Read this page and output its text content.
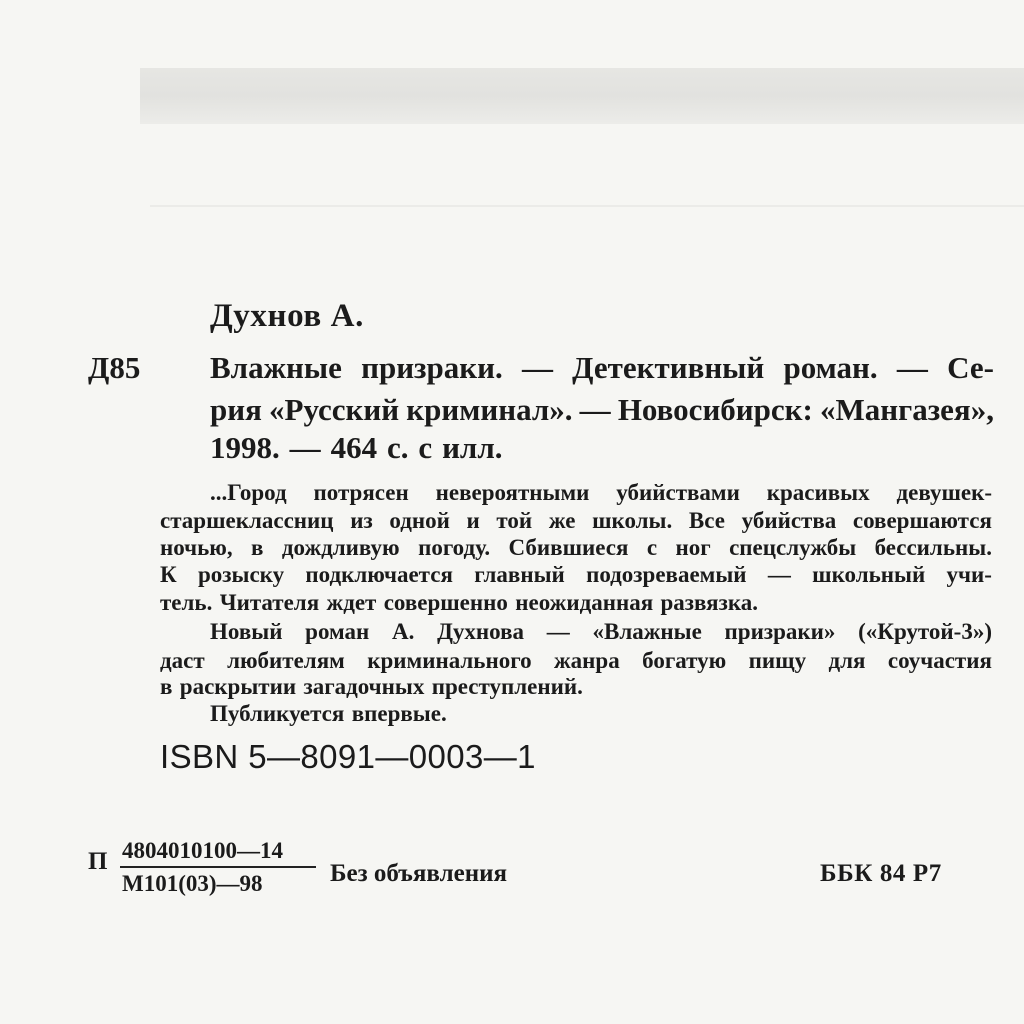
Духнов А.
Д85 Влажные призраки. — Детективный роман. — Се-
рия «Русский криминал». — Новосибирск: «Мангазея»,
1998. — 464 с. с илл.
...Город потрясен невероятными убийствами красивых девушек-
старшеклассниц из одной и той же школы. Все убийства совершаются
ночью, в дождливую погоду. Сбившиеся с ног спецслужбы бессильны.
К розыску подключается главный подозреваемый — школьный учи-
тель. Читателя ждет совершенно неожиданная развязка.
Новый роман А. Духнова — «Влажные призраки» («Крутой-3»)
даст любителям криминального жанра богатую пищу для соучастия
в раскрытии загадочных преступлений.
Публикуется впервые.
ISBN 5—8091—0003—1
П 4804010100—14
М101(03)—98	Без объявления	ББК 84 Р7
